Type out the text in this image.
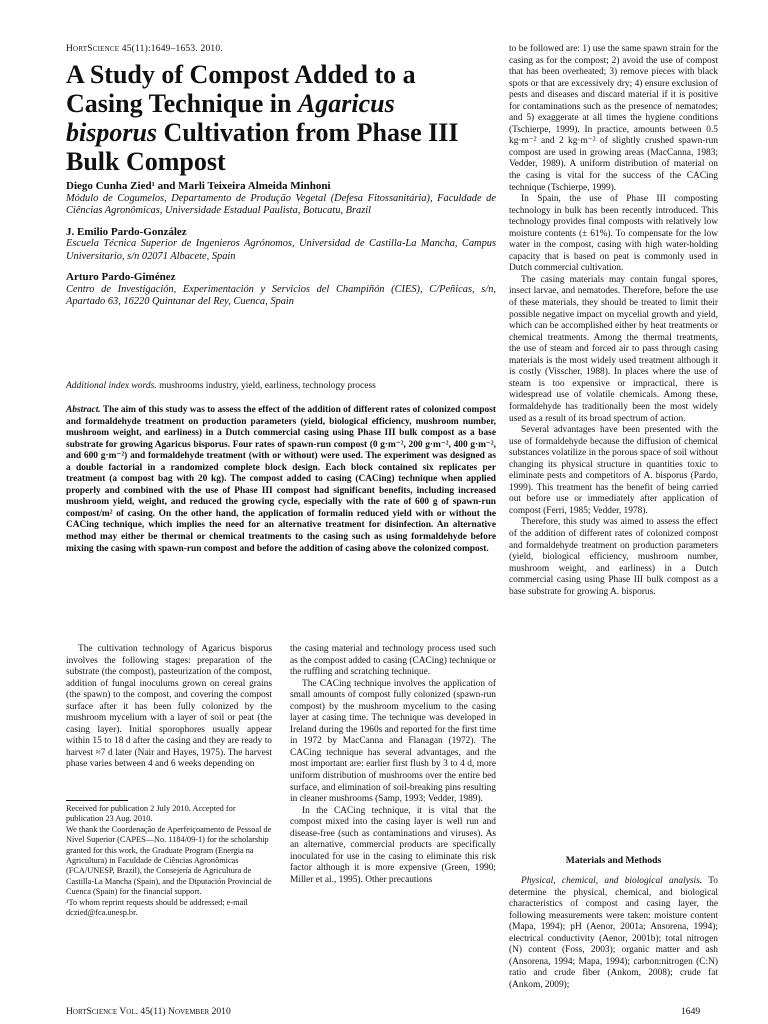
HortScience 45(11):1649–1653. 2010.
A Study of Compost Added to a Casing Technique in Agaricus bisporus Cultivation from Phase III Bulk Compost
Diego Cunha Zied¹ and Marli Teixeira Almeida Minhoni
Módulo de Cogumelos, Departamento de Produção Vegetal (Defesa Fitossanitária), Faculdade de Ciências Agronômicas, Universidade Estadual Paulista, Botucatu, Brazil
J. Emilio Pardo-González
Escuela Técnica Superior de Ingenieros Agrónomos, Universidad de Castilla-La Mancha, Campus Universitario, s/n 02071 Albacete, Spain
Arturo Pardo-Giménez
Centro de Investigación, Experimentación y Servicios del Champiñón (CIES), C/Peñicas, s/n, Apartado 63, 16220 Quintanar del Rey, Cuenca, Spain
Additional index words. mushrooms industry, yield, earliness, technology process
Abstract. The aim of this study was to assess the effect of the addition of different rates of colonized compost and formaldehyde treatment on production parameters (yield, biological efficiency, mushroom number, mushroom weight, and earliness) in a Dutch commercial casing using Phase III bulk compost as a base substrate for growing Agaricus bisporus. Four rates of spawn-run compost (0 g·m⁻², 200 g·m⁻², 400 g·m⁻², and 600 g·m⁻²) and formaldehyde treatment (with or without) were used. The experiment was designed as a double factorial in a randomized complete block design. Each block contained six replicates per treatment (a compost bag with 20 kg). The compost added to casing (CACing) technique when applied properly and combined with the use of Phase III compost had significant benefits, including increased mushroom yield, weight, and reduced the growing cycle, especially with the rate of 600 g of spawn-run compost/m² of casing. On the other hand, the application of formalin reduced yield with or without the CACing technique, which implies the need for an alternative treatment for disinfection. An alternative method may either be thermal or chemical treatments to the casing such as using formaldehyde before mixing the casing with spawn-run compost and before the addition of casing above the colonized compost.

The cultivation technology of Agaricus bisporus involves the following stages: preparation of the substrate (the compost), pasteurization of the compost, addition of fungal inoculums grown on cereal grains (the spawn) to the compost, and covering the compost surface after it has been fully colonized by the mushroom mycelium with a layer of soil or peat (the casing layer). Initial sporophores usually appear within 15 to 18 d after the casing and they are ready to harvest ≈7 d later (Nair and Hayes, 1975). The harvest phase varies between 4 and 6 weeks depending on

Received for publication 2 July 2010. Accepted for publication 23 Aug. 2010.

We thank the Coordenação de Aperfeiçoamento de Pessoal de Nível Superior (CAPES—No. 1184/09-1) for the scholarship granted for this work, the Graduate Program (Energia na Agricultura) in Faculdade de Ciências Agronômicas (FCA/UNESP, Brazil), the Consejería de Agricultura de Castilla-La Mancha (Spain), and the Diputación Provincial de Cuenca (Spain) for the financial support.

¹To whom reprint requests should be addressed; e-mail dczied@fca.unesp.br.

the casing material and technology process used such as the compost added to casing (CACing) technique or the ruffling and scratching technique.

The CACing technique involves the application of small amounts of compost fully colonized (spawn-run compost) by the mushroom mycelium to the casing layer at casing time. The technique was developed in Ireland during the 1960s and reported for the first time in 1972 by MacCanna and Flanagan (1972). The CACing technique has several advantages, and the most important are: earlier first flush by 3 to 4 d, more uniform distribution of mushrooms over the entire bed surface, and elimination of soil-breaking pins resulting in cleaner mushrooms (Samp, 1993; Vedder, 1989).

In the CACing technique, it is vital that the compost mixed into the casing layer is well run and disease-free (such as contaminations and viruses). As an alternative, commercial products are specifically inoculated for use in the casing to eliminate this risk factor although it is more expensive (Green, 1990; Miller et al., 1995). Other precautions

to be followed are: 1) use the same spawn strain for the casing as for the compost; 2) avoid the use of compost that has been overheated; 3) remove pieces with black spots or that are excessively dry; 4) ensure exclusion of pests and diseases and discard material if it is positive for contaminations such as the presence of nematodes; and 5) exaggerate at all times the hygiene conditions (Tschierpe, 1999). In practice, amounts between 0.5 kg·m⁻² and 2 kg·m⁻² of slightly crushed spawn-run compost are used in growing areas (MacCanna, 1983; Vedder, 1989). A uniform distribution of material on the casing is vital for the success of the CACing technique (Tschierpe, 1999).

In Spain, the use of Phase III composting technology in bulk has been recently introduced. This technology provides final composts with relatively low moisture contents (± 61%). To compensate for the low water in the compost, casing with high water-holding capacity that is based on peat is commonly used in Dutch commercial cultivation.

The casing materials may contain fungal spores, insect larvae, and nematodes. Therefore, before the use of these materials, they should be treated to limit their possible negative impact on mycelial growth and yield, which can be accomplished either by heat treatments or chemical treatments. Among the thermal treatments, the use of steam and forced air to pass through casing materials is the most widely used treatment although it is costly (Visscher, 1988). In places where the use of steam is too expensive or impractical, there is widespread use of volatile chemicals. Among these, formaldehyde has traditionally been the most widely used as a result of its broad spectrum of action.

Several advantages have been presented with the use of formaldehyde because the diffusion of chemical substances volatilize in the porous space of soil without changing its physical structure in quantities toxic to eliminate pests and competitors of A. bisporus (Pardo, 1999). This treatment has the benefit of being carried out before use or immediately after application of compost (Ferri, 1985; Vedder, 1978).

Therefore, this study was aimed to assess the effect of the addition of different rates of colonized compost and formaldehyde treatment on production parameters (yield, biological efficiency, mushroom number, mushroom weight, and earliness) in a Dutch commercial casing using Phase III bulk compost as a base substrate for growing A. bisporus.

Materials and Methods

Physical, chemical, and biological analysis. To determine the physical, chemical, and biological characteristics of compost and casing layer, the following measurements were taken: moisture content (Mapa, 1994); pH (Aenor, 2001a; Ansorena, 1994); electrical conductivity (Aenor, 2001b); total nitrogen (N) content (Foss, 2003); organic matter and ash (Ansorena, 1994; Mapa, 1994); carbon:nitrogen (C:N) ratio and crude fiber (Ankom, 2008); crude fat (Ankom, 2009);

HortScience Vol. 45(11) November 2010	1649
